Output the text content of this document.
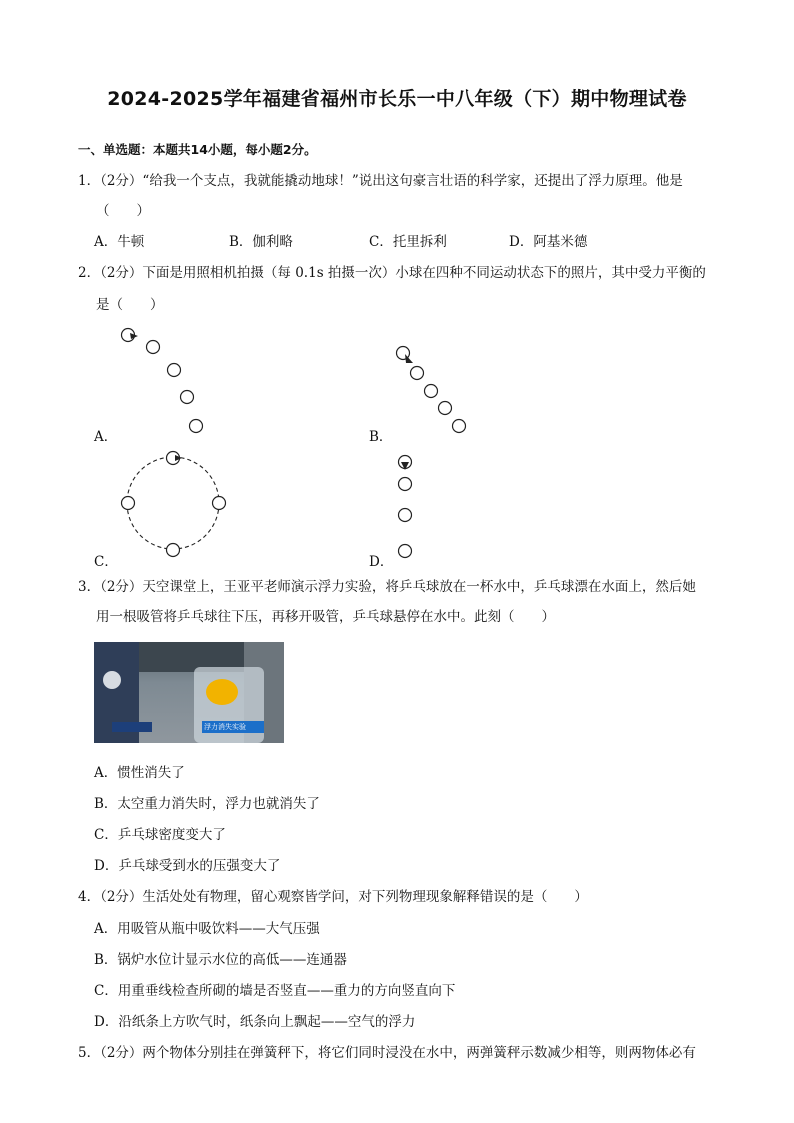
2024-2025学年福建省福州市长乐一中八年级（下）期中物理试卷
一、单选题：本题共14小题，每小题2分。
1．（2分）“给我一个支点，我就能撬动地球！”说出这句豪言壮语的科学家，还提出了浮力原理。他是
（　　）
A．牛顿	B．伽利略	C．托里拆利	D．阿基米德
2．（2分）下面是用照相机拍摄（每 0.1s 拍摄一次）小球在四种不同运动状态下的照片，其中受力平衡的
是（　　）
A．	B．
C．	D．
3．（2分）天空课堂上，王亚平老师演示浮力实验，将乒乓球放在一杯水中，乒乓球漂在水面上，然后她
用一根吸管将乒乓球往下压，再移开吸管，乒乓球悬停在水中。此刻（　　）
浮力消失实验
A．惯性消失了
B．太空重力消失时，浮力也就消失了
C．乒乓球密度变大了
D．乒乓球受到水的压强变大了
4．（2分）生活处处有物理，留心观察皆学问，对下列物理现象解释错误的是（　　）
A．用吸管从瓶中吸饮料——大气压强
B．锅炉水位计显示水位的高低——连通器
C．用重垂线检查所砌的墙是否竖直——重力的方向竖直向下
D．沿纸条上方吹气时，纸条向上飘起——空气的浮力
5．（2分）两个物体分别挂在弹簧秤下，将它们同时浸没在水中，两弹簧秤示数减少相等，则两物体必有
